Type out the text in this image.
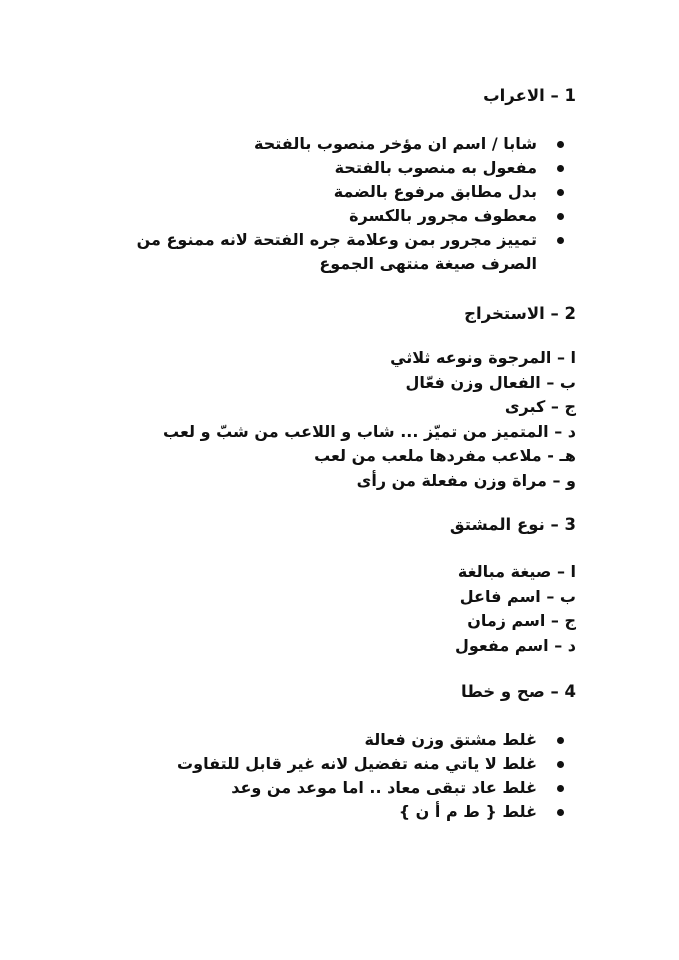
1 – الاعراب
شابا / اسم ان مؤخر منصوب بالفتحة
مفعول به منصوب بالفتحة
بدل مطابق مرفوع بالضمة
معطوف مجرور بالكسرة
تمييز مجرور بمن وعلامة جره الفتحة لانه ممنوع من الصرف صيغة منتهى الجموع
2 – الاستخراج
ا – المرجوة ونوعه ثلاثي
ب – الفعال وزن فعّال
ج – كبرى
د – المتميز من تميّز ... شاب و اللاعب من شبّ و لعب
هـ - ملاعب مفردها ملعب من لعب
و – مراة وزن مفعلة من رأى
3 – نوع المشتق
ا – صيغة مبالغة
ب – اسم فاعل
ج – اسم زمان
د – اسم مفعول
4 – صح و خطا
غلط مشتق وزن فعالة
غلط لا ياتي منه تفضيل لانه غير قابل للتفاوت
غلط عاد تبقى معاد .. اما موعد من وعد
غلط { ط م أ ن }
